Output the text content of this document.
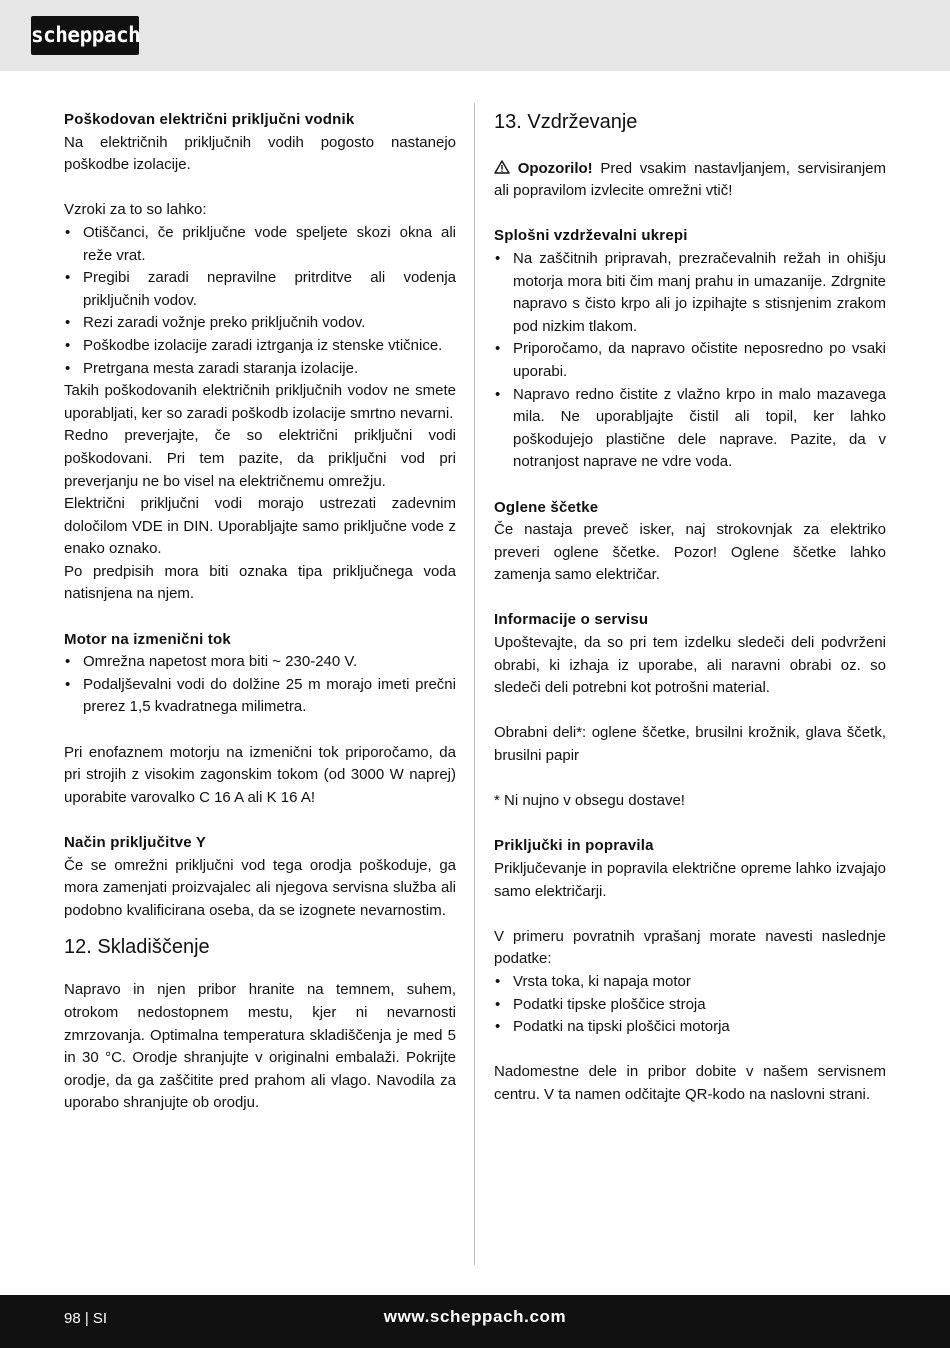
scheppach
Poškodovan električni priključni vodnik

Na električnih priključnih vodih pogosto nastanejo poškodbe izolacije.

Vzroki za to so lahko:

• Otiščanci, če priključne vode speljete skozi okna ali reže vrat.
• Pregibi zaradi nepravilne pritrditve ali vodenja priključnih vodov.
• Rezi zaradi vožnje preko priključnih vodov.
• Poškodbe izolacije zaradi iztrganja iz stenske vtičnice.
• Pretrgana mesta zaradi staranja izolacije.

Takih poškodovanih električnih priključnih vodov ne smete uporabljati, ker so zaradi poškodb izolacije smrtno nevarni.

Redno preverjajte, če so električni priključni vodi poškodovani. Pri tem pazite, da priključni vod pri preverjanju ne bo visel na električnemu omrežju.

Električni priključni vodi morajo ustrezati zadevnim določilom VDE in DIN. Uporabljajte samo priključne vode z enako oznako.

Po predpisih mora biti oznaka tipa priključnega voda natisnjena na njem.

Motor na izmenični tok
• Omrežna napetost mora biti ~ 230-240 V.
• Podaljševalni vodi do dolžine 25 m morajo imeti prečni prerez 1,5 kvadratnega milimetra.

Pri enofaznem motorju na izmenični tok priporočamo, da pri strojih z visokim zagonskim tokom (od 3000 W naprej) uporabite varovalko C 16 A ali K 16 A!

Način priključitve Y

Če se omrežni priključni vod tega orodja poškoduje, ga mora zamenjati proizvajalec ali njegova servisna služba ali podobno kvalificirana oseba, da se izognete nevarnostim.

12. Skladiščenje

Napravo in njen pribor hranite na temnem, suhem, otrokom nedostopnem mestu, kjer ni nevarnosti zmrzovanja. Optimalna temperatura skladiščenja je med 5 in 30 °C. Orodje shranjujte v originalni embalaži. Pokrijte orodje, da ga zaščitite pred prahom ali vlago. Navodila za uporabo shranjujte ob orodju.

13. Vzdrževanje

Opozorilo! Pred vsakim nastavljanjem, servisiranjem ali popravilom izvlecite omrežni vtič!

Splošni vzdrževalni ukrepi
• Na zaščitnih pripravah, prezračevalnih režah in ohišju motorja mora biti čim manj prahu in umazanije. Zdrgnite napravo s čisto krpo ali jo izpihajte s stisnjenim zrakom pod nizkim tlakom.
• Priporočamo, da napravo očistite neposredno po vsaki uporabi.
• Napravo redno čistite z vlažno krpo in malo mazavega mila. Ne uporabljajte čistil ali topil, ker lahko poškodujejo plastične dele naprave. Pazite, da v notranjost naprave ne vdre voda.
Oglene ščetke

Če nastaja preveč isker, naj strokovnjak za elektriko preveri oglene ščetke. Pozor! Oglene ščetke lahko zamenja samo električar.

Informacije o servisu

Upoštevajte, da so pri tem izdelku sledeči deli podvrženi obrabi, ki izhaja iz uporabe, ali naravni obrabi oz. so sledeči deli potrebni kot potrošni material.

Obrabni deli*: oglene ščetke, brusilni krožnik, glava ščetk, brusilni papir

* Ni nujno v obsegu dostave!

Priključki in popravila

Priključevanje in popravila električne opreme lahko izvajajo samo električarji.

V primeru povratnih vprašanj morate navesti naslednje podatke:

• Vrsta toka, ki napaja motor
• Podatki tipske ploščice stroja
• Podatki na tipski ploščici motorja

Nadomestne dele in pribor dobite v našem servisnem centru. V ta namen odčitajte QR-kodo na naslovni strani.

98 | SI	www.scheppach.com
